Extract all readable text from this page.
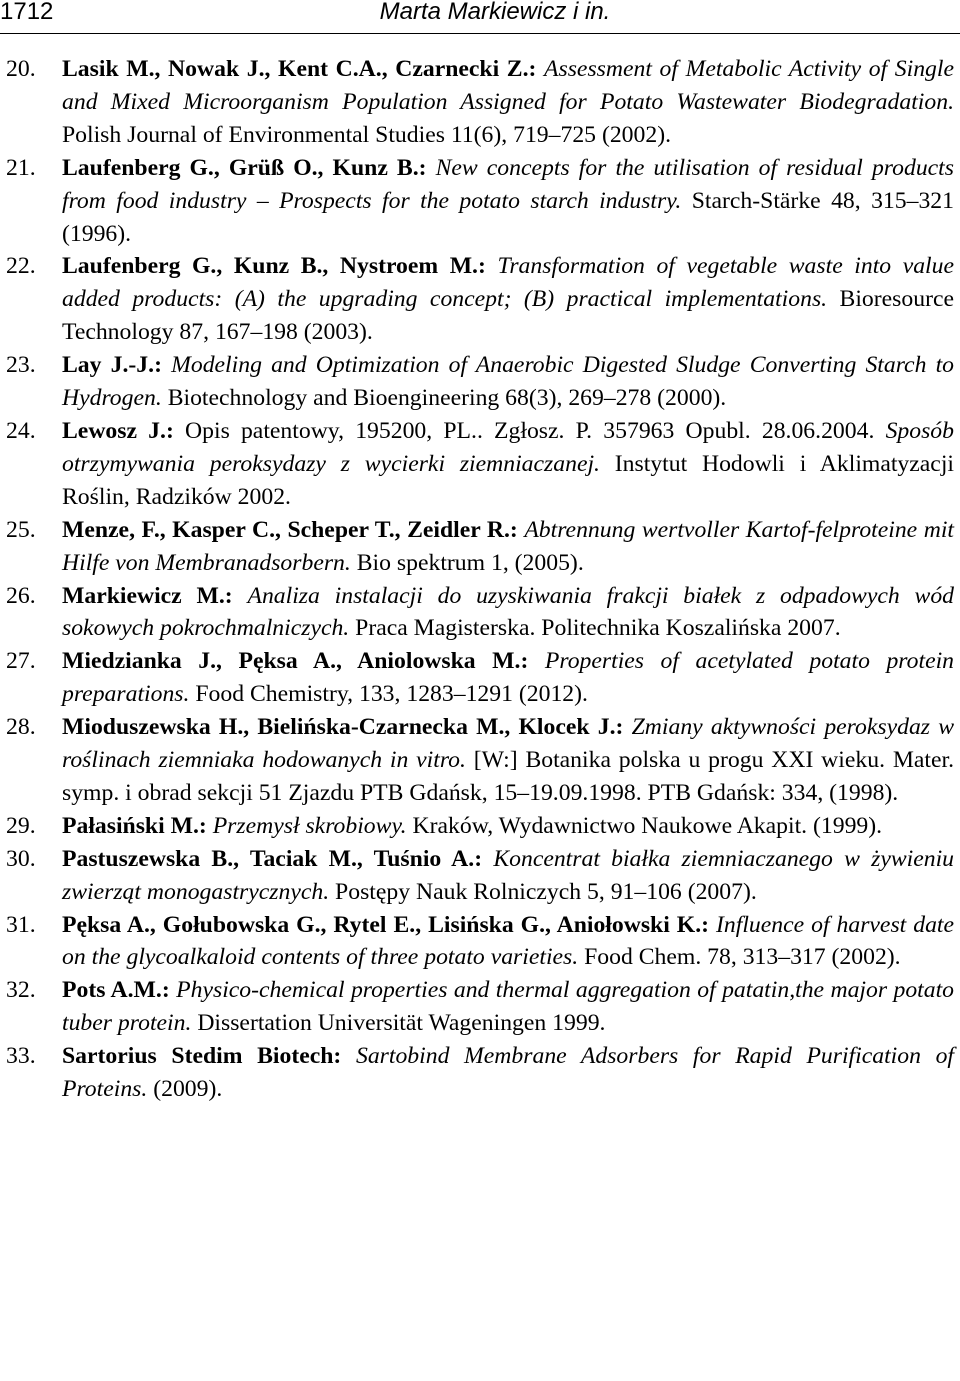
1712	Marta Markiewicz i in.
20. Lasik M., Nowak J., Kent C.A., Czarnecki Z.: Assessment of Metabolic Activity of Single and Mixed Microorganism Population Assigned for Potato Wastewater Biodegradation. Polish Journal of Environmental Studies 11(6), 719–725 (2002).
21. Laufenberg G., Grüß O., Kunz B.: New concepts for the utilisation of residual products from food industry – Prospects for the potato starch industry. Starch-Stärke 48, 315–321 (1996).
22. Laufenberg G., Kunz B., Nystroem M.: Transformation of vegetable waste into value added products: (A) the upgrading concept; (B) practical implementations. Bioresource Technology 87, 167–198 (2003).
23. Lay J.-J.: Modeling and Optimization of Anaerobic Digested Sludge Converting Starch to Hydrogen. Biotechnology and Bioengineering 68(3), 269–278 (2000).
24. Lewosz J.: Opis patentowy, 195200, PL.. Zgłosz. P. 357963 Opubl. 28.06.2004. Sposób otrzymywania peroksydazy z wycierki ziemniaczanej. Instytut Hodowli i Aklimatyzacji Roślin, Radzików 2002.
25. Menze, F., Kasper C., Scheper T., Zeidler R.: Abtrennung wertvoller Kartof-felproteine mit Hilfe von Membranadsorbern. Bio spektrum 1, (2005).
26. Markiewicz M.: Analiza instalacji do uzyskiwania frakcji białek z odpadowych wód sokowych pokrochmalniczych. Praca Magisterska. Politechnika Koszalińska 2007.
27. Miedzianka J., Pęksa A., Aniolowska M.: Properties of acetylated potato protein preparations. Food Chemistry, 133, 1283–1291 (2012).
28. Mioduszewska H., Bielińska-Czarnecka M., Klocek J.: Zmiany aktywności peroksydaz w roślinach ziemniaka hodowanych in vitro. [W:] Botanika polska u progu XXI wieku. Mater. symp. i obrad sekcji 51 Zjazdu PTB Gdańsk, 15–19.09.1998. PTB Gdańsk: 334, (1998).
29. Pałasiński M.: Przemysł skrobiowy. Kraków, Wydawnictwo Naukowe Akapit. (1999).
30. Pastuszewska B., Taciak M., Tuśnio A.: Koncentrat białka ziemniaczanego w żywieniu zwierząt monogastrycznych. Postępy Nauk Rolniczych 5, 91–106 (2007).
31. Pęksa A., Gołubowska G., Rytel E., Lisińska G., Aniołowski K.: Influence of harvest date on the glycoalkaloid contents of three potato varieties. Food Chem. 78, 313–317 (2002).
32. Pots A.M.: Physico-chemical properties and thermal aggregation of patatin,the major potato tuber protein. Dissertation Universität Wageningen 1999.
33. Sartorius Stedim Biotech: Sartobind Membrane Adsorbers for Rapid Purification of Proteins. (2009).
